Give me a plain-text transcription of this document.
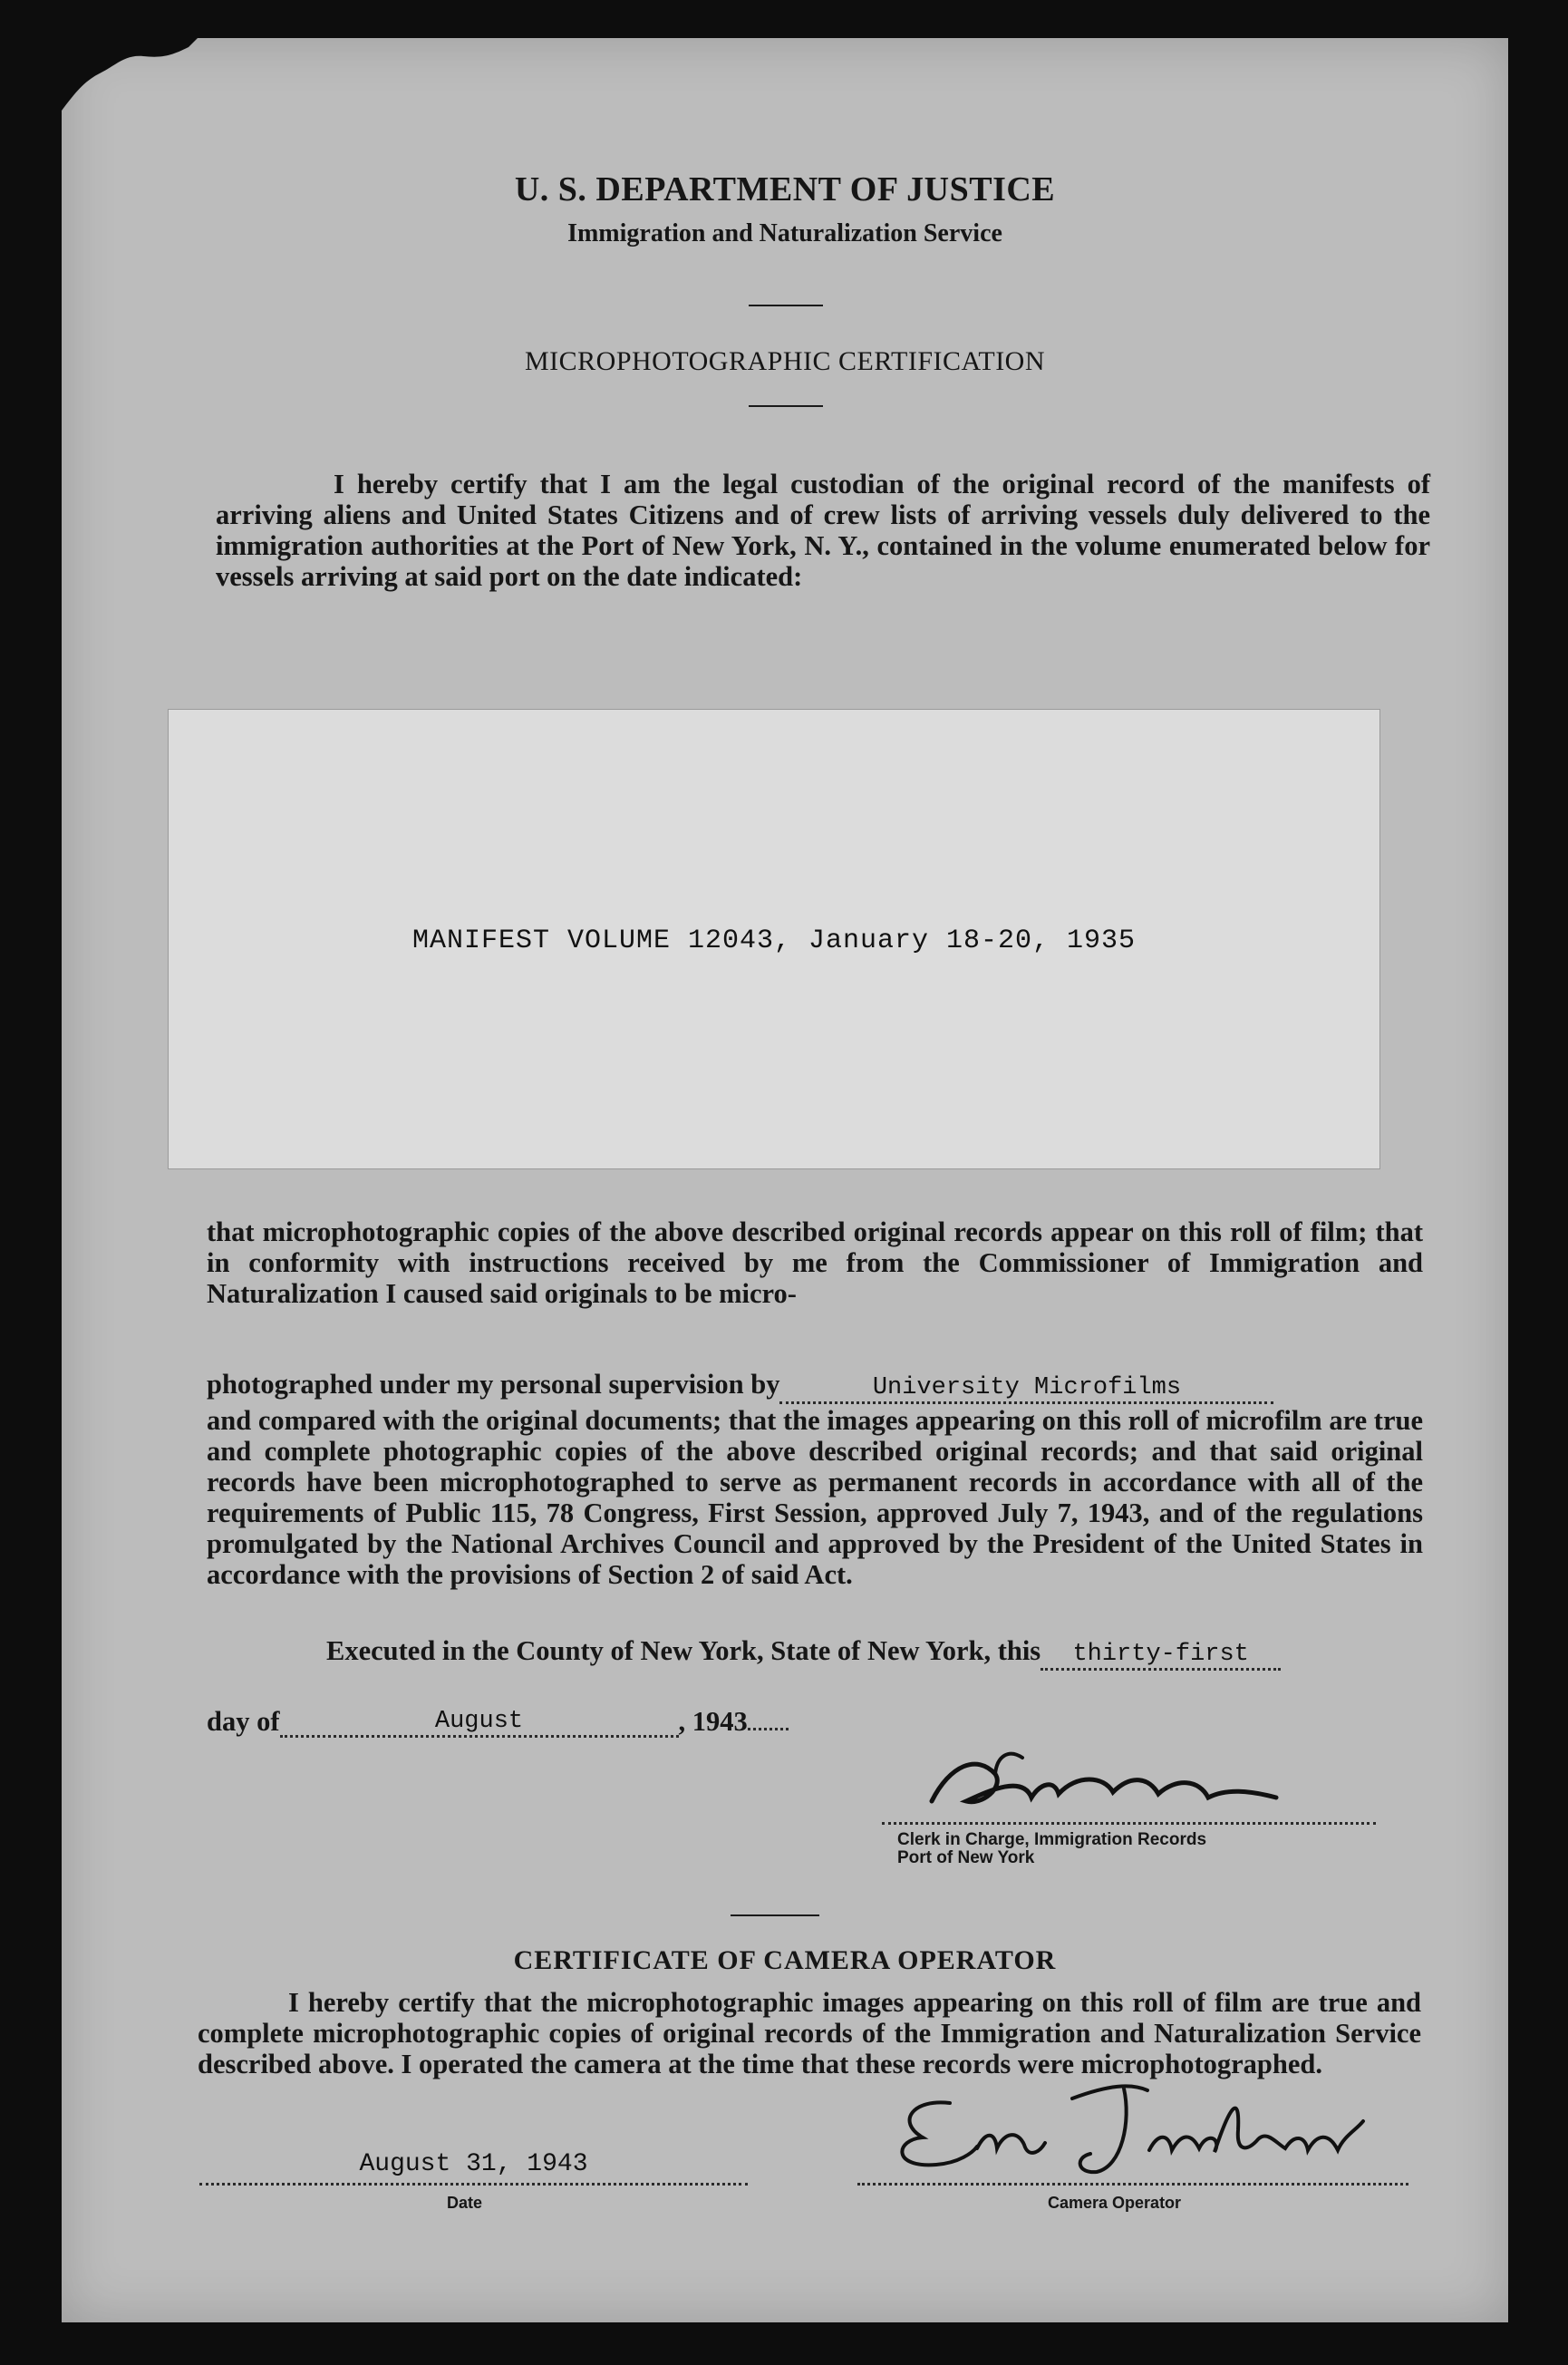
U. S. DEPARTMENT OF JUSTICE
Immigration and Naturalization Service
MICROPHOTOGRAPHIC CERTIFICATION

I hereby certify that I am the legal custodian of the original record of the manifests of arriving aliens and United States Citizens and of crew lists of arriving vessels duly delivered to the immigration authorities at the Port of New York, N. Y., contained in the volume enumerated below for vessels arriving at said port on the date indicated:

MANIFEST VOLUME 12043, January 18-20, 1935

that microphotographic copies of the above described original records appear on this roll of film; that in conformity with instructions received by me from the Commissioner of Immigration and Naturalization I caused said originals to be micro-

photographed under my personal supervision by	University Microfilms

and compared with the original documents; that the images appearing on this roll of microfilm are true and complete photographic copies of the above described original records; and that said original records have been microphotographed to serve as permanent records in accordance with all of the requirements of Public 115, 78 Congress, First Session, approved July 7, 1943, and of the regulations promulgated by the National Archives Council and approved by the President of the United States in accordance with the provisions of Section 2 of said Act.

Executed in the County of New York, State of New York, this thirty-first
day of	August	, 1943
Clerk in Charge, Immigration Records
Port of New York
CERTIFICATE OF CAMERA OPERATOR

I hereby certify that the microphotographic images appearing on this roll of film are true and complete microphotographic copies of original records of the Immigration and Naturalization Service described above. I operated the camera at the time that these records were microphotographed.

August 31, 1943
Date	Camera Operator
